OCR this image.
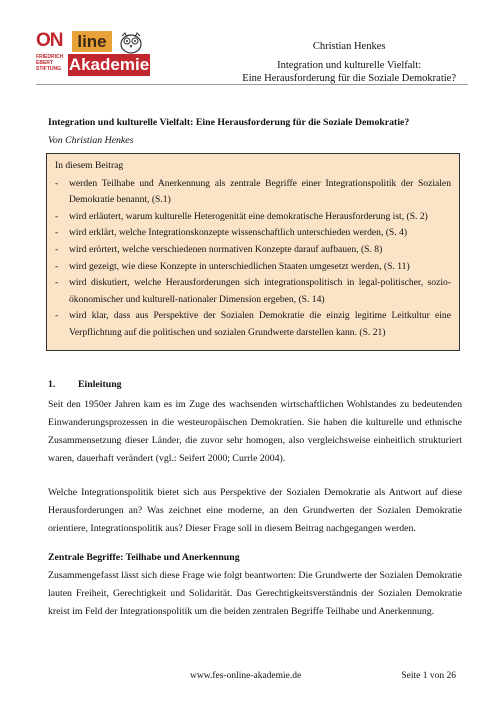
ON line
FRIEDRICH EBERT STIFTUNG Akademie
Christian Henkes
Integration und kulturelle Vielfalt:
Eine Herausforderung für die Soziale Demokratie?

Integration und kulturelle Vielfalt: Eine Herausforderung für die Soziale Demokratie?

Von Christian Henkes

In diesem Beitrag

-	werden Teilhabe und Anerkennung als zentrale Begriffe einer Integrationspolitik der Sozialen Demokratie benannt, (S.1)
-	wird erläutert, warum kulturelle Heterogenität eine demokratische Herausforderung ist, (S. 2)
-	wird erklärt, welche Integrationskonzepte wissenschaftlich unterschieden werden, (S. 4)
-	wird erörtert, welche verschiedenen normativen Konzepte darauf aufbauen, (S. 8)
-	wird gezeigt, wie diese Konzepte in unterschiedlichen Staaten umgesetzt werden, (S. 11)
-	wird diskutiert, welche Herausforderungen sich integrationspolitisch in legal-politischer, sozio-ökonomischer und kulturell-nationaler Dimension ergeben, (S. 14)
-	wird klar, dass aus Perspektive der Sozialen Demokratie die einzig legitime Leitkultur eine Verpflichtung auf die politischen und sozialen Grundwerte darstellen kann. (S. 21)
1. Einleitung

Seit den 1950er Jahren kam es im Zuge des wachsenden wirtschaftlichen Wohlstandes zu bedeutenden Einwanderungsprozessen in die westeuropäischen Demokratien. Sie haben die kulturelle und ethnische Zusammensetzung dieser Länder, die zuvor sehr homogen, also vergleichsweise einheitlich strukturiert waren, dauerhaft verändert (vgl.: Seifert 2000; Currle 2004).

Welche Integrationspolitik bietet sich aus Perspektive der Sozialen Demokratie als Antwort auf diese Herausforderungen an? Was zeichnet eine moderne, an den Grundwerten der Sozialen Demokratie orientiere, Integrationspolitik aus? Dieser Frage soll in diesem Beitrag nachgegangen werden.

Zentrale Begriffe: Teilhabe und Anerkennung

Zusammengefasst lässt sich diese Frage wie folgt beantworten: Die Grundwerte der Sozialen Demokratie lauten Freiheit, Gerechtigkeit und Solidarität. Das Gerechtigkeitsverständnis der Sozialen Demokratie kreist im Feld der Integrationspolitik um die beiden zentralen Begriffe Teilhabe und Anerkennung.

www.fes-online-akademie.de	Seite 1 von 26
